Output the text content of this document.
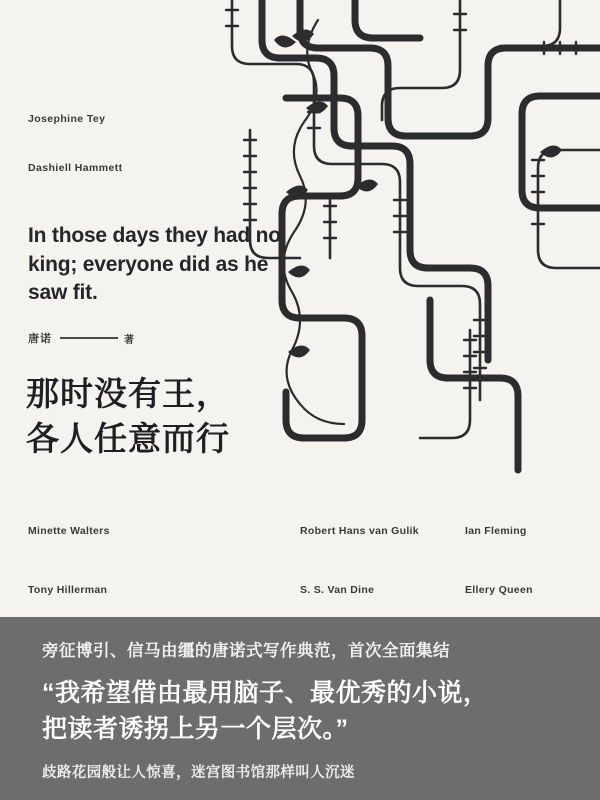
Josephine Tey
Dashiell Hammett
In those days they had no king; everyone did as he saw fit.
唐诺	著
那时没有王，
各人任意而行
Minette Walters	Robert Hans van Gulik	Ian Fleming
Tony Hillerman	S. S. Van Dine	Ellery Queen
旁征博引、信马由缰的唐诺式写作典范，首次全面集结
“我希望借由最用脑子、最优秀的小说，
把读者诱拐上另一个层次。”
歧路花园般让人惊喜，迷宫图书馆那样叫人沉迷
